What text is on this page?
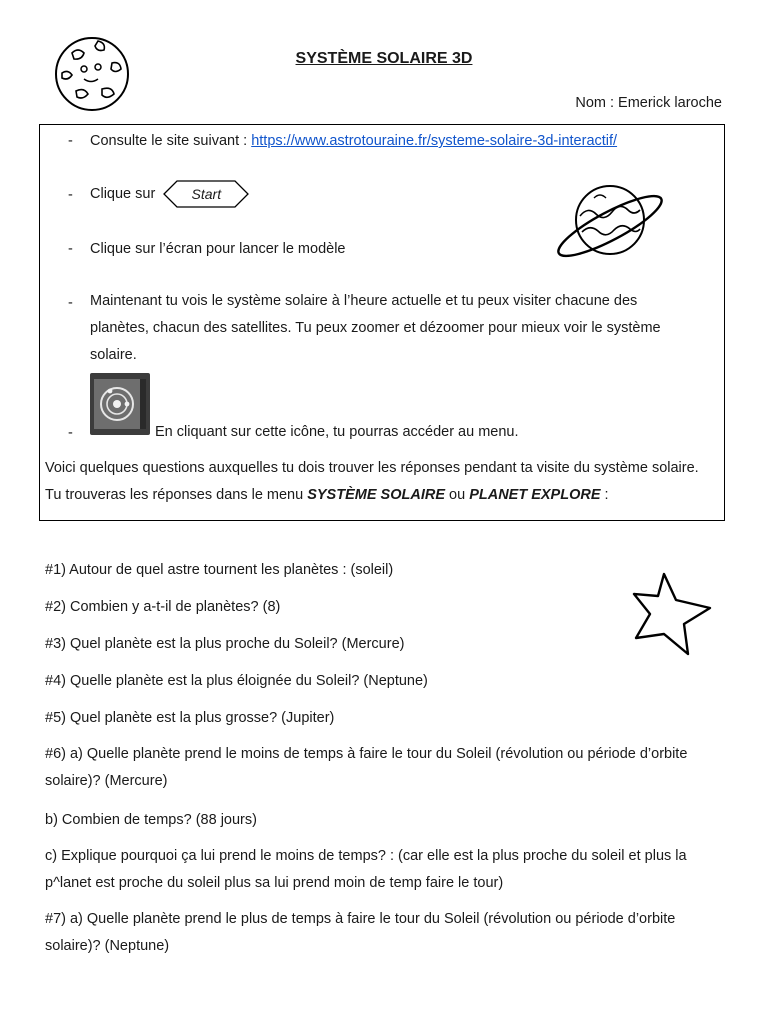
SYSTÈME SOLAIRE 3D
Nom : Emerick laroche
- Consulte le site suivant : https://www.astrotouraine.fr/systeme-solaire-3d-interactif/
- Clique sur	Start
- Clique sur l’écran pour lancer le modèle
- Maintenant tu vois le système solaire à l’heure actuelle et tu peux visiter chacune des planètes, chacun des satellites. Tu peux zoomer et dézoomer pour mieux voir le système solaire.
-	En cliquant sur cette icône, tu pourras accéder au menu.
Voici quelques questions auxquelles tu dois trouver les réponses pendant ta visite du système solaire. Tu trouveras les réponses dans le menu SYSTÈME SOLAIRE ou PLANET EXPLORE :
#1) Autour de quel astre tournent les planètes : (soleil)
#2) Combien y a-t-il de planètes? (8)
#3) Quel planète est la plus proche du Soleil? (Mercure)
#4) Quelle planète est la plus éloignée du Soleil? (Neptune)
#5) Quel planète est la plus grosse? (Jupiter)
#6) a) Quelle planète prend le moins de temps à faire le tour du Soleil (révolution ou période d’orbite solaire)? (Mercure)
b) Combien de temps? (88 jours)
c) Explique pourquoi ça lui prend le moins de temps? : (car elle est la plus proche du soleil et plus la p^lanet est proche du soleil plus sa lui prend moin de temp faire le tour)
#7) a) Quelle planète prend le plus de temps à faire le tour du Soleil (révolution ou période d’orbite solaire)? (Neptune)
